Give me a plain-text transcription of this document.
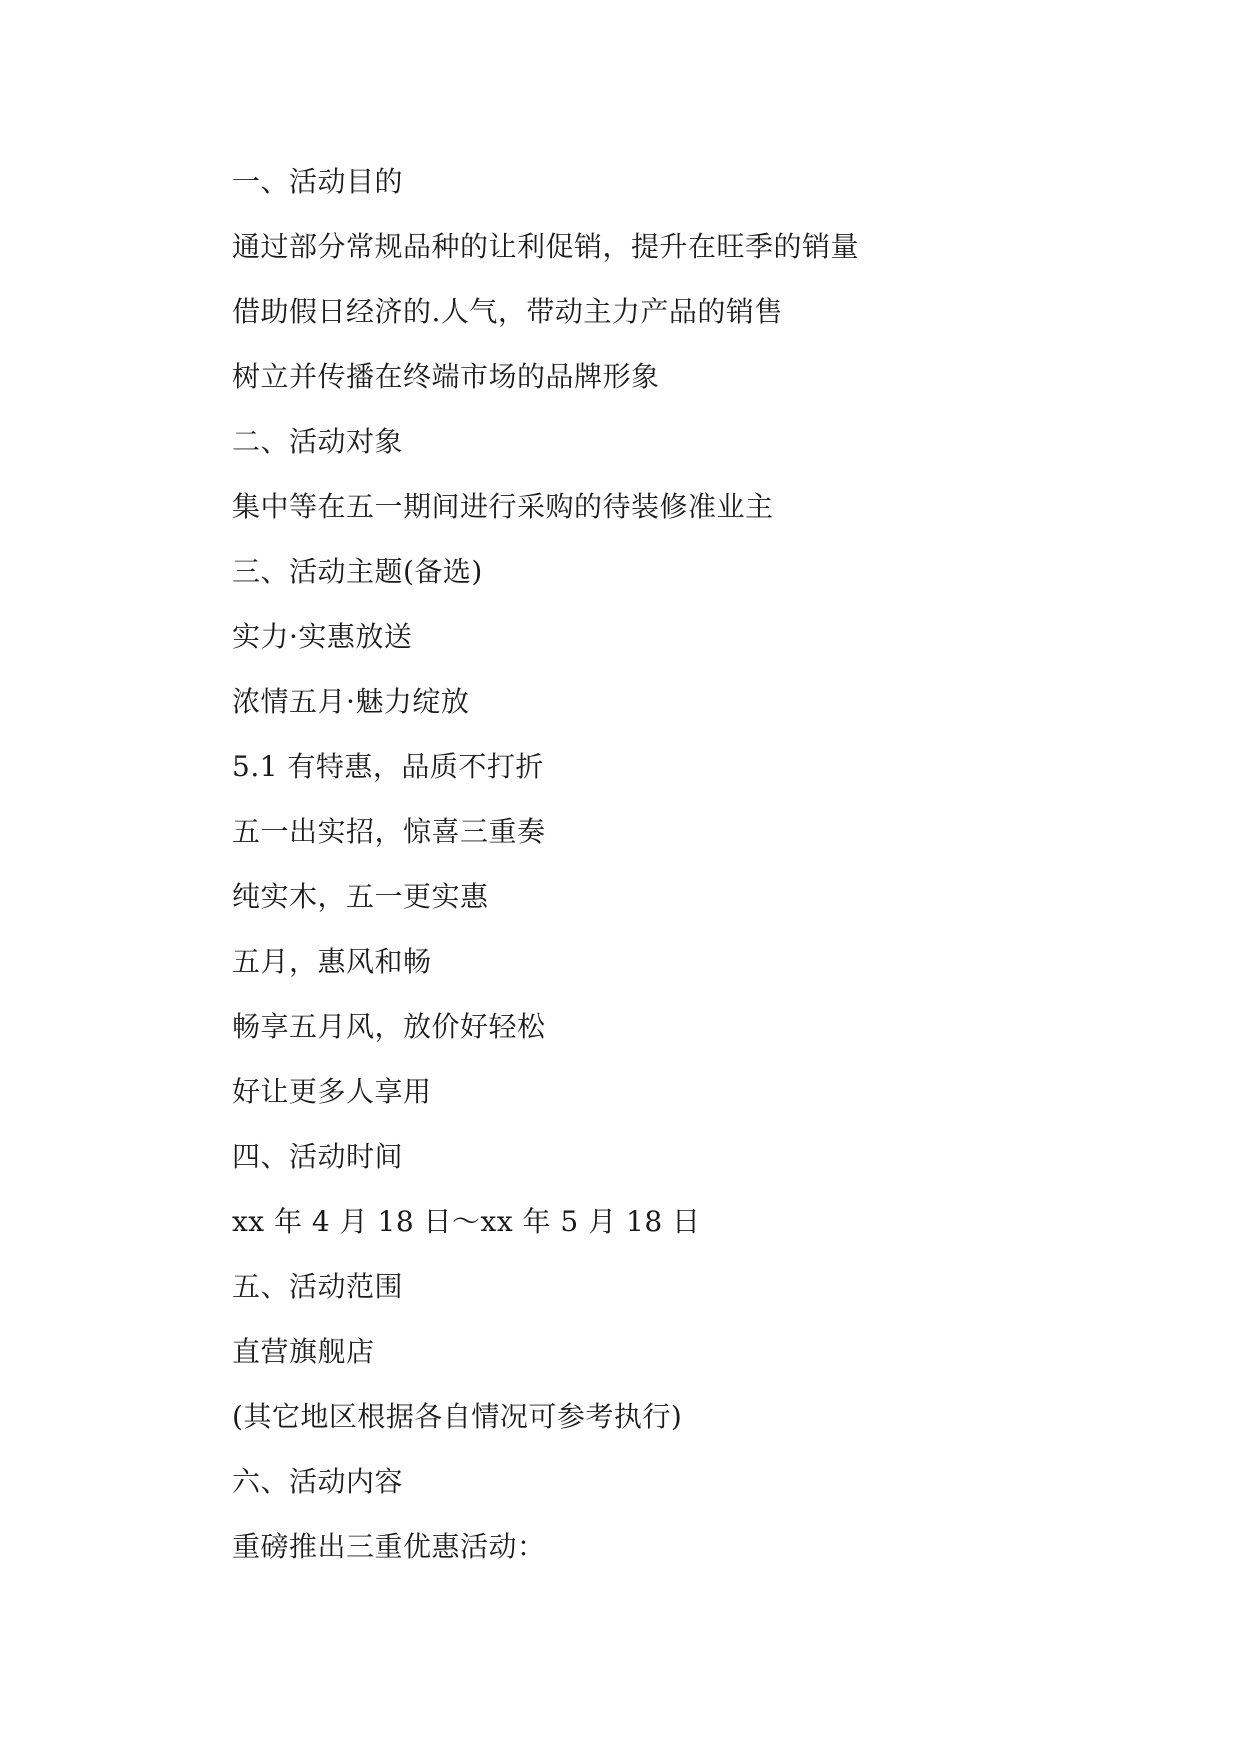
一、活动目的
通过部分常规品种的让利促销，提升在旺季的销量
借助假日经济的.人气，带动主力产品的销售
树立并传播在终端市场的品牌形象
二、活动对象
集中等在五一期间进行采购的待装修准业主
三、活动主题(备选)
实力·实惠放送
浓情五月·魅力绽放
5.1 有特惠，品质不打折
五一出实招，惊喜三重奏
纯实木，五一更实惠
五月，惠风和畅
畅享五月风，放价好轻松
好让更多人享用
四、活动时间
xx 年 4 月 18 日～xx 年 5 月 18 日
五、活动范围
直营旗舰店
(其它地区根据各自情况可参考执行)
六、活动内容
重磅推出三重优惠活动：
